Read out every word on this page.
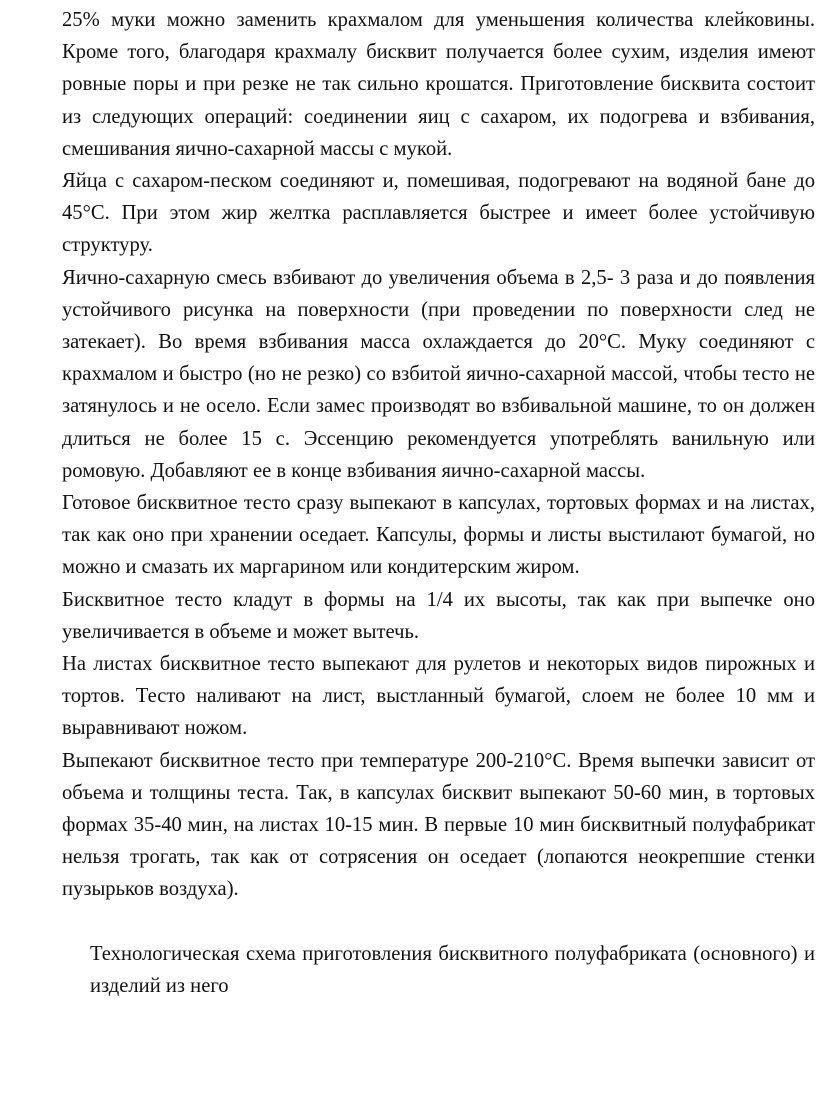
25% муки можно заменить крахмалом для уменьшения количества клейковины. Кроме того, благодаря крахмалу бисквит получается более сухим, изделия имеют ровные поры и при резке не так сильно крошатся. Приготовление бисквита состоит из следующих операций: соединении яиц с сахаром, их подогрева и взбивания, смешивания яично-сахарной массы с мукой.

Яйца с сахаром-песком соединяют и, помешивая, подогревают на водяной бане до 45°С. При этом жир желтка расплавляется быстрее и имеет более устойчивую структуру.

Яично-сахарную смесь взбивают до увеличения объема в 2,5- 3 раза и до появления устойчивого рисунка на поверхности (при проведении по поверхности след не затекает). Во время взбивания масса охлаждается до 20°С. Муку соединяют с крахмалом и быстро (но не резко) со взбитой яично-сахарной массой, чтобы тесто не затянулось и не осело. Если замес производят во взбивальной машине, то он должен длиться не более 15 с. Эссенцию рекомендуется употреблять ванильную или ромовую. Добавляют ее в конце взбивания яично-сахарной массы.

Готовое бисквитное тесто сразу выпекают в капсулах, тортовых формах и на листах, так как оно при хранении оседает. Капсулы, формы и листы выстилают бумагой, но можно и смазать их маргарином или кондитерским жиром.

Бисквитное тесто кладут в формы на 1/4 их высоты, так как при выпечке оно увеличивается в объеме и может вытечь.

На листах бисквитное тесто выпекают для рулетов и некоторых видов пирожных и тортов. Тесто наливают на лист, выстланный бумагой, слоем не более 10 мм и выравнивают ножом.

Выпекают бисквитное тесто при температуре 200-210°С. Время выпечки зависит от объема и толщины теста. Так, в капсулах бисквит выпекают 50-60 мин, в тортовых формах 35-40 мин, на листах 10-15 мин. В первые 10 мин бисквитный полуфабрикат нельзя трогать, так как от сотрясения он оседает (лопаются неокрепшие стенки пузырьков воздуха).

Технологическая схема приготовления бисквитного полуфабриката (основного) и изделий из него
